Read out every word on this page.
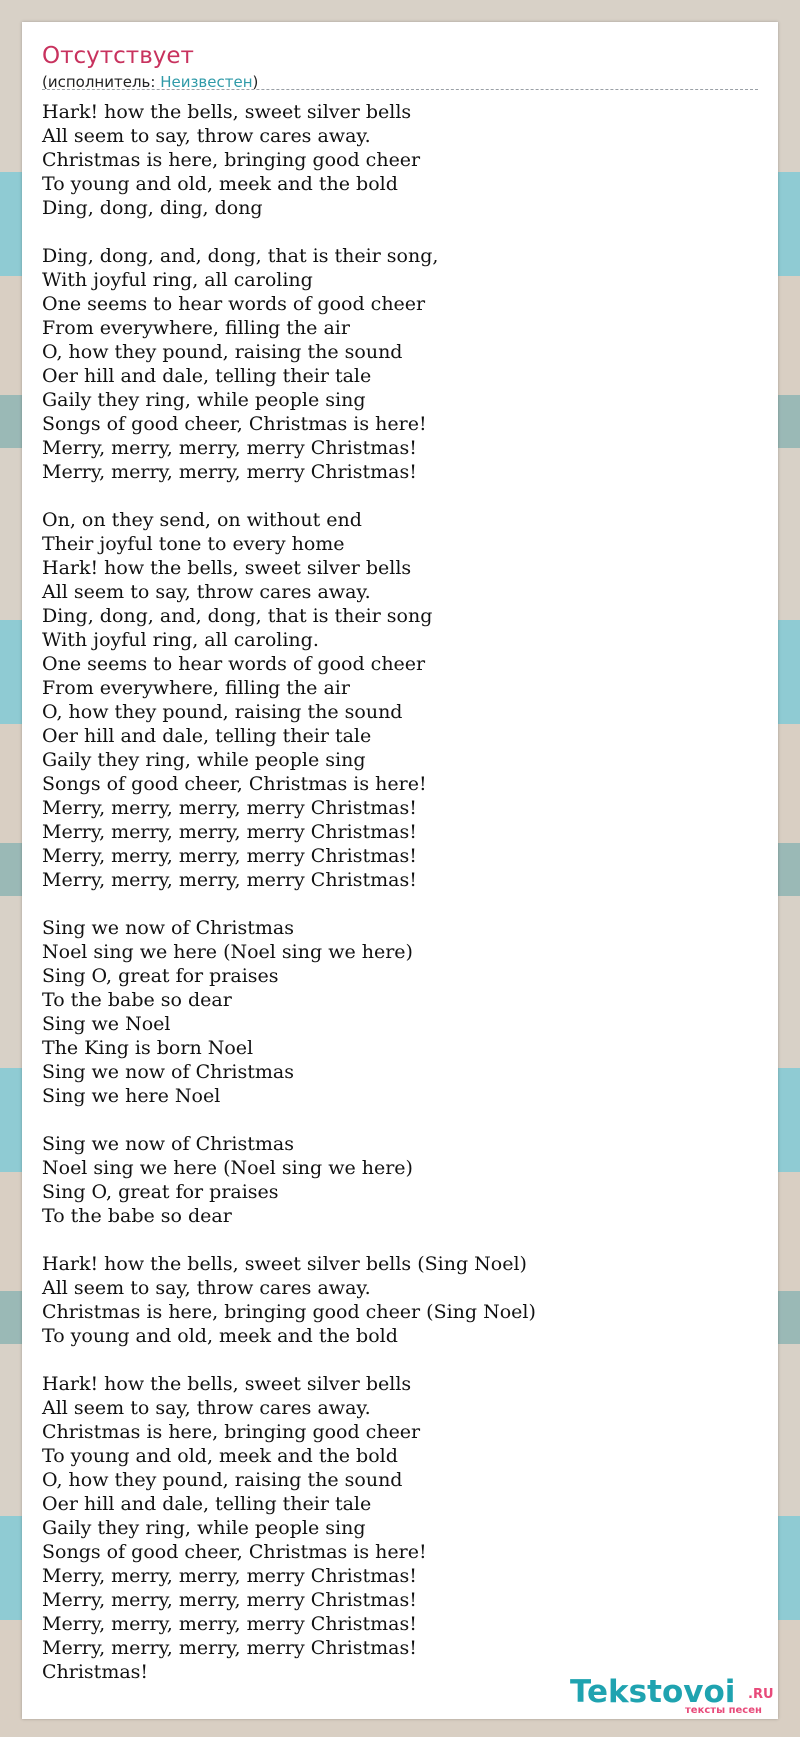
Отсутствует
(исполнитель: Неизвестен)
Hark! how the bells, sweet silver bells
All seem to say, throw cares away.
Christmas is here, bringing good cheer
To young and old, meek and the bold
Ding, dong, ding, dong
Ding, dong, and, dong, that is their song,
With joyful ring, all caroling
One seems to hear words of good cheer
From everywhere, filling the air
O, how they pound, raising the sound
Oer hill and dale, telling their tale
Gaily they ring, while people sing
Songs of good cheer, Christmas is here!
Merry, merry, merry, merry Christmas!
Merry, merry, merry, merry Christmas!
On, on they send, on without end
Their joyful tone to every home
Hark! how the bells, sweet silver bells
All seem to say, throw cares away.
Ding, dong, and, dong, that is their song
With joyful ring, all caroling.
One seems to hear words of good cheer
From everywhere, filling the air
O, how they pound, raising the sound
Oer hill and dale, telling their tale
Gaily they ring, while people sing
Songs of good cheer, Christmas is here!
Merry, merry, merry, merry Christmas!
Merry, merry, merry, merry Christmas!
Merry, merry, merry, merry Christmas!
Merry, merry, merry, merry Christmas!
Sing we now of Christmas
Noel sing we here (Noel sing we here)
Sing O, great for praises
To the babe so dear
Sing we Noel
The King is born Noel
Sing we now of Christmas
Sing we here Noel
Sing we now of Christmas
Noel sing we here (Noel sing we here)
Sing O, great for praises
To the babe so dear
Hark! how the bells, sweet silver bells (Sing Noel)
All seem to say, throw cares away.
Christmas is here, bringing good cheer (Sing Noel)
To young and old, meek and the bold
Hark! how the bells, sweet silver bells
All seem to say, throw cares away.
Christmas is here, bringing good cheer
To young and old, meek and the bold
O, how they pound, raising the sound
Oer hill and dale, telling their tale
Gaily they ring, while people sing
Songs of good cheer, Christmas is here!
Merry, merry, merry, merry Christmas!
Merry, merry, merry, merry Christmas!
Merry, merry, merry, merry Christmas!
Merry, merry, merry, merry Christmas!
Christmas!
Tekstovoi .RU
тексты песен
